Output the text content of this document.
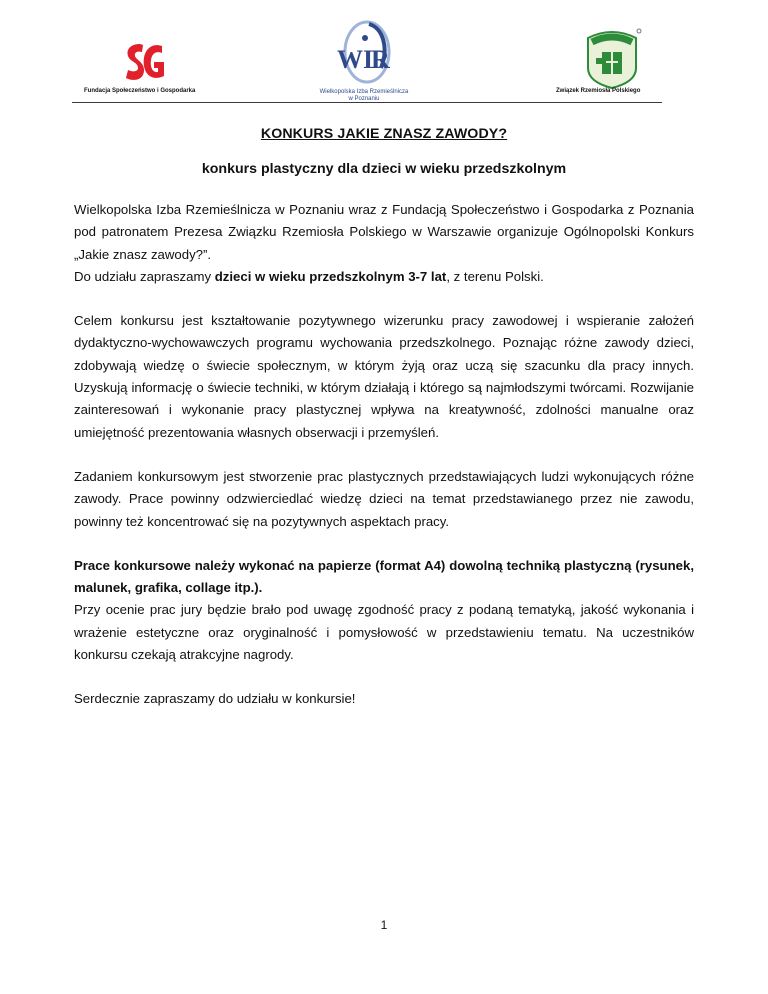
Fundacja Społeczeństwo i Gospodarka
W I
R
Wielkopolska Izba Rzemieślnicza
w Poznaniu
Związek Rzemiosła Polskiego

KONKURS JAKIE ZNASZ ZAWODY?

konkurs plastyczny dla dzieci w wieku przedszkolnym

Wielkopolska Izba Rzemieślnicza w Poznaniu wraz z Fundacją Społeczeństwo i Gospodarka z Poznania pod patronatem Prezesa Związku Rzemiosła Polskiego w Warszawie organizuje Ogólnopolski Konkurs „Jakie znasz zawody?”.
Do udziału zapraszamy dzieci w wieku przedszkolnym 3-7 lat, z terenu Polski.

Celem konkursu jest kształtowanie pozytywnego wizerunku pracy zawodowej i wspieranie założeń dydaktyczno-wychowawczych programu wychowania przedszkolnego. Poznając różne zawody dzieci, zdobywają wiedzę o świecie społecznym, w którym żyją oraz uczą się szacunku dla pracy innych. Uzyskują informację o świecie techniki, w którym działają i którego są najmłodszymi twórcami. Rozwijanie zainteresowań i wykonanie pracy plastycznej wpływa na kreatywność, zdolności manualne oraz umiejętność prezentowania własnych obserwacji i przemyśleń.

Zadaniem konkursowym jest stworzenie prac plastycznych przedstawiających ludzi wykonujących różne zawody. Prace powinny odzwierciedlać wiedzę dzieci na temat przedstawianego przez nie zawodu, powinny też koncentrować się na pozytywnych aspektach pracy.

Prace konkursowe należy wykonać na papierze (format A4) dowolną techniką plastyczną (rysunek, malunek, grafika, collage itp.).
Przy ocenie prac jury będzie brało pod uwagę zgodność pracy z podaną tematyką, jakość wykonania i wrażenie estetyczne oraz oryginalność i pomysłowość w przedstawieniu tematu. Na uczestników konkursu czekają atrakcyjne nagrody.

Serdecznie zapraszamy do udziału w konkursie!

1
